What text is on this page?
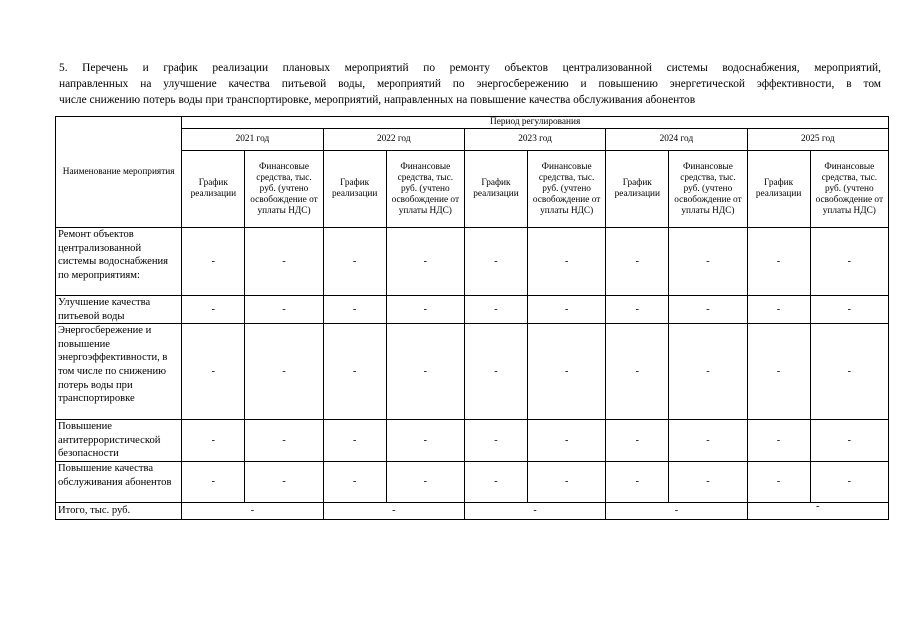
5. Перечень и график реализации плановых мероприятий по ремонту объектов централизованной системы водоснабжения, мероприятий,
направленных на улучшение качества питьевой воды, мероприятий по энергосбережению и повышению энергетической эффективности, в том
числе снижению потерь воды при транспортировке, мероприятий, направленных на повышение качества обслуживания абонентов
Наименование мероприятия	Период регулирования									
	2021 год		2022 год		2023 год		2024 год		2025 год	
	График реализации	Финансовые средства, тыс. руб. (учтено освобождение от уплаты НДС)	График реализации	Финансовые средства, тыс. руб. (учтено освобождение от уплаты НДС)	График реализации	Финансовые средства, тыс. руб. (учтено освобождение от уплаты НДС)	График реализации	Финансовые средства, тыс. руб. (учтено освобождение от уплаты НДС)	График реализации	Финансовые средства, тыс. руб. (учтено освобождение от уплаты НДС)
Ремонт объектов централизованной системы водоснабжения по мероприятиям:	-	-	-	-	-	-	-	-	-	-
Улучшение качества питьевой воды	-	-	-	-	-	-	-	-	-	-
Энергосбережение и повышение энергоэффективности, в том числе по снижению потерь воды при транспортировке	-	-	-	-	-	-	-	-	-	-
Повышение антитеррористической безопасности	-	-	-	-	-	-	-	-	-	-
Повышение качества обслуживания абонентов	-	-	-	-	-	-	-	-	-	-
Итого, тыс. руб.	-		-		-		-		-	
